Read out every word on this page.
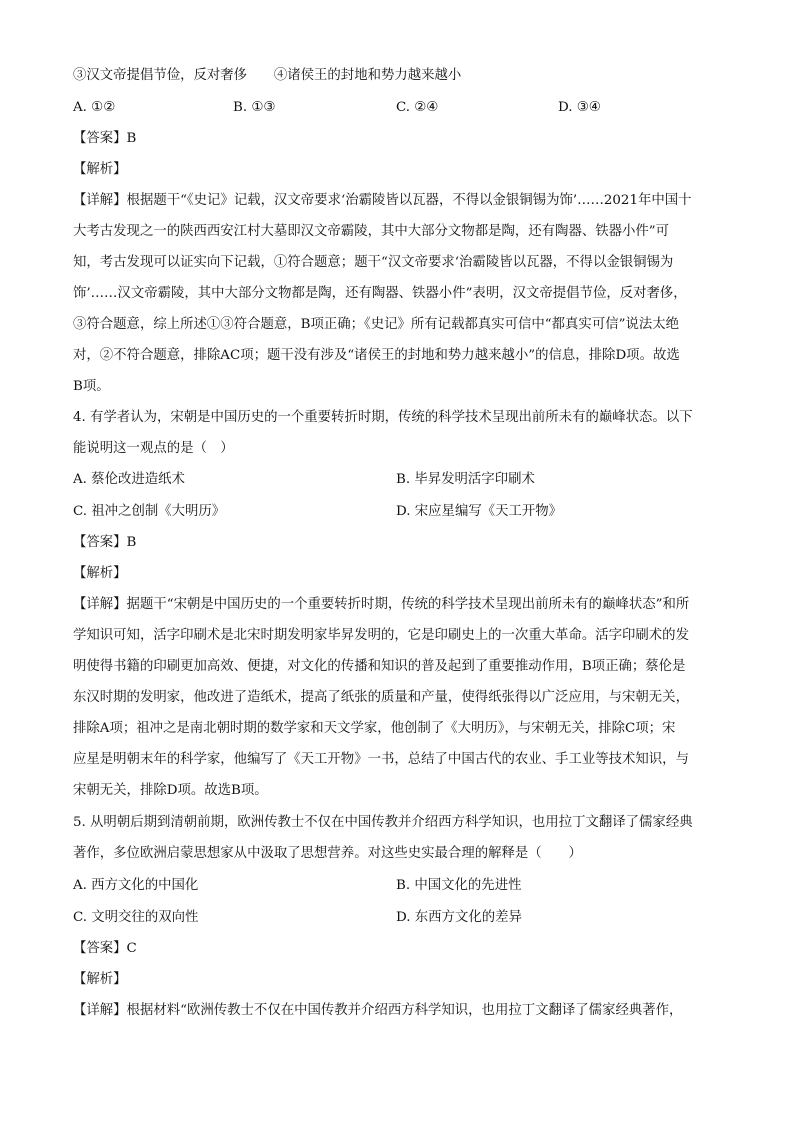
③汉文帝提倡节俭，反对奢侈　　④诸侯王的封地和势力越来越小
A. ①②	B. ①③	C. ②④	D. ③④
【答案】B
【解析】
【详解】根据题干“《史记》记载，汉文帝要求‘治霸陵皆以瓦器，不得以金银铜锡为饰’……2021年中国十
大考古发现之一的陕西西安江村大墓即汉文帝霸陵，其中大部分文物都是陶，还有陶器、铁器小件”可
知，考古发现可以证实向下记载，①符合题意；题干“汉文帝要求‘治霸陵皆以瓦器，不得以金银铜锡为
饰’……汉文帝霸陵，其中大部分文物都是陶，还有陶器、铁器小件”表明，汉文帝提倡节俭，反对奢侈，
③符合题意，综上所述①③符合题意，B项正确；《史记》所有记载都真实可信中“都真实可信”说法太绝
对，②不符合题意，排除AC项；题干没有涉及“诸侯王的封地和势力越来越小”的信息，排除D项。故选
B项。
4. 有学者认为，宋朝是中国历史的一个重要转折时期，传统的科学技术呈现出前所未有的巅峰状态。以下
能说明这一观点的是（　）
A. 蔡伦改进造纸术	B. 毕昇发明活字印刷术
C. 祖冲之创制《大明历》	D. 宋应星编写《天工开物》
【答案】B
【解析】
【详解】据题干“宋朝是中国历史的一个重要转折时期，传统的科学技术呈现出前所未有的巅峰状态”和所
学知识可知，活字印刷术是北宋时期发明家毕昇发明的，它是印刷史上的一次重大革命。活字印刷术的发
明使得书籍的印刷更加高效、便捷，对文化的传播和知识的普及起到了重要推动作用，B项正确；蔡伦是
东汉时期的发明家，他改进了造纸术，提高了纸张的质量和产量，使得纸张得以广泛应用，与宋朝无关，
排除A项；祖冲之是南北朝时期的数学家和天文学家，他创制了《大明历》，与宋朝无关，排除C项；宋
应星是明朝末年的科学家，他编写了《天工开物》一书，总结了中国古代的农业、手工业等技术知识，与
宋朝无关，排除D项。故选B项。
5. 从明朝后期到清朝前期，欧洲传教士不仅在中国传教并介绍西方科学知识，也用拉丁文翻译了儒家经典
著作，多位欧洲启蒙思想家从中汲取了思想营养。对这些史实最合理的解释是（　　）
A. 西方文化的中国化	B. 中国文化的先进性
C. 文明交往的双向性	D. 东西方文化的差异
【答案】C
【解析】
【详解】根据材料“欧洲传教士不仅在中国传教并介绍西方科学知识，也用拉丁文翻译了儒家经典著作，
